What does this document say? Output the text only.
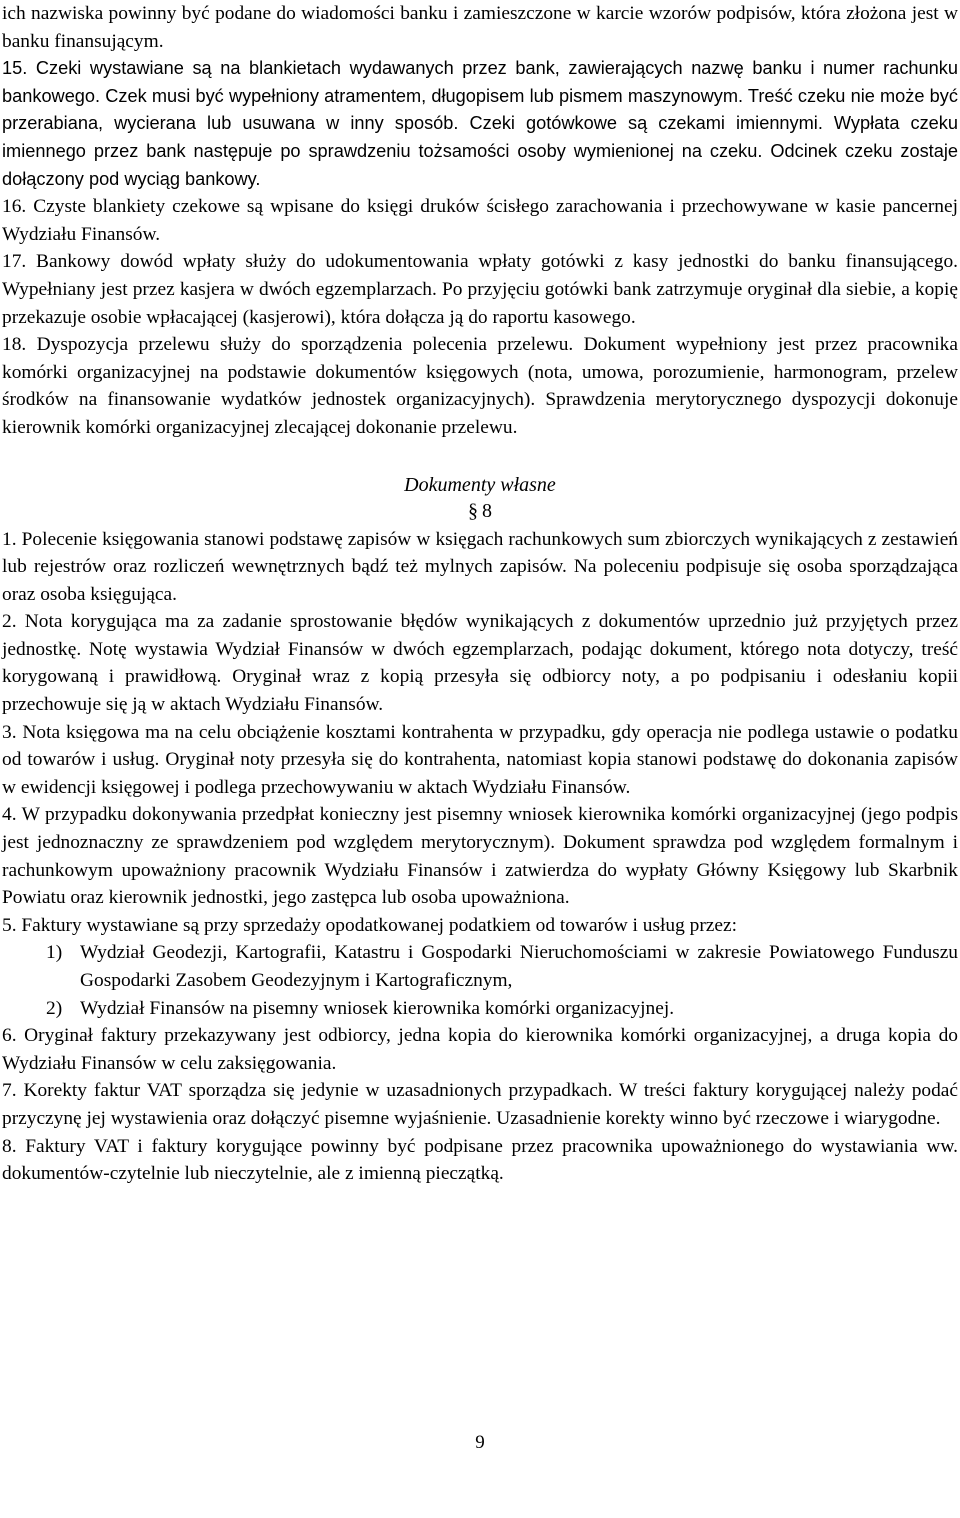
ich nazwiska powinny być podane do wiadomości banku i zamieszczone w karcie wzorów podpisów, która złożona jest w banku finansującym.

15. Czeki wystawiane są na blankietach wydawanych przez bank, zawierających nazwę banku i numer rachunku bankowego. Czek musi być wypełniony atramentem, długopisem lub pismem maszynowym. Treść czeku nie może być przerabiana, wycierana lub usuwana w inny sposób. Czeki gotówkowe są czekami imiennymi. Wypłata czeku imiennego przez bank następuje po sprawdzeniu tożsamości osoby wymienionej na czeku. Odcinek czeku zostaje dołączony pod wyciąg bankowy.

16. Czyste blankiety czekowe są wpisane do księgi druków ścisłego zarachowania i przechowywane w kasie pancernej Wydziału Finansów.

17. Bankowy dowód wpłaty służy do udokumentowania wpłaty gotówki z kasy jednostki do banku finansującego. Wypełniany jest przez kasjera w dwóch egzemplarzach. Po przyjęciu gotówki bank zatrzymuje oryginał dla siebie, a kopię przekazuje osobie wpłacającej (kasjerowi), która dołącza ją do raportu kasowego.

18. Dyspozycja przelewu służy do sporządzenia polecenia przelewu. Dokument wypełniony jest przez pracownika komórki organizacyjnej na podstawie dokumentów księgowych (nota, umowa, porozumienie, harmonogram, przelew środków na finansowanie wydatków jednostek organizacyjnych). Sprawdzenia merytorycznego dyspozycji dokonuje kierownik komórki organizacyjnej zlecającej dokonanie przelewu.

Dokumenty własne
§ 8

1. Polecenie księgowania stanowi podstawę zapisów w księgach rachunkowych sum zbiorczych wynikających z zestawień lub rejestrów oraz rozliczeń wewnętrznych bądź też mylnych zapisów. Na poleceniu podpisuje się osoba sporządzająca oraz osoba księgująca.

2. Nota korygująca ma za zadanie sprostowanie błędów wynikających z dokumentów uprzednio już przyjętych przez jednostkę. Notę wystawia Wydział Finansów w dwóch egzemplarzach, podając dokument, którego nota dotyczy, treść korygowaną i prawidłową. Oryginał wraz z kopią przesyła się odbiorcy noty, a po podpisaniu i odesłaniu kopii przechowuje się ją w aktach Wydziału Finansów.

3. Nota księgowa ma na celu obciążenie kosztami kontrahenta w przypadku, gdy operacja nie podlega ustawie o podatku od towarów i usług. Oryginał noty przesyła się do kontrahenta, natomiast kopia stanowi podstawę do dokonania zapisów w ewidencji księgowej i podlega przechowywaniu w aktach Wydziału Finansów.

4. W przypadku dokonywania przedpłat konieczny jest pisemny wniosek kierownika komórki organizacyjnej (jego podpis jest jednoznaczny ze sprawdzeniem pod względem merytorycznym). Dokument sprawdza pod względem formalnym i rachunkowym upoważniony pracownik Wydziału Finansów i zatwierdza do wypłaty Główny Księgowy lub Skarbnik Powiatu oraz kierownik jednostki, jego zastępca lub osoba upoważniona.

5. Faktury wystawiane są przy sprzedaży opodatkowanej podatkiem od towarów i usług przez:

1) Wydział Geodezji, Kartografii, Katastru i Gospodarki Nieruchomościami w zakresie Powiatowego Funduszu Gospodarki Zasobem Geodezyjnym i Kartograficznym,
2) Wydział Finansów na pisemny wniosek kierownika komórki organizacyjnej.

6. Oryginał faktury przekazywany jest odbiorcy, jedna kopia do kierownika komórki organizacyjnej, a druga kopia do Wydziału Finansów w celu zaksięgowania.

7. Korekty faktur VAT sporządza się jedynie w uzasadnionych przypadkach. W treści faktury korygującej należy podać przyczynę jej wystawienia oraz dołączyć pisemne wyjaśnienie. Uzasadnienie korekty winno być rzeczowe i wiarygodne.

8. Faktury VAT i faktury korygujące powinny być podpisane przez pracownika upoważnionego do wystawiania ww. dokumentów-czytelnie lub nieczytelnie, ale z imienną pieczątką.

9
